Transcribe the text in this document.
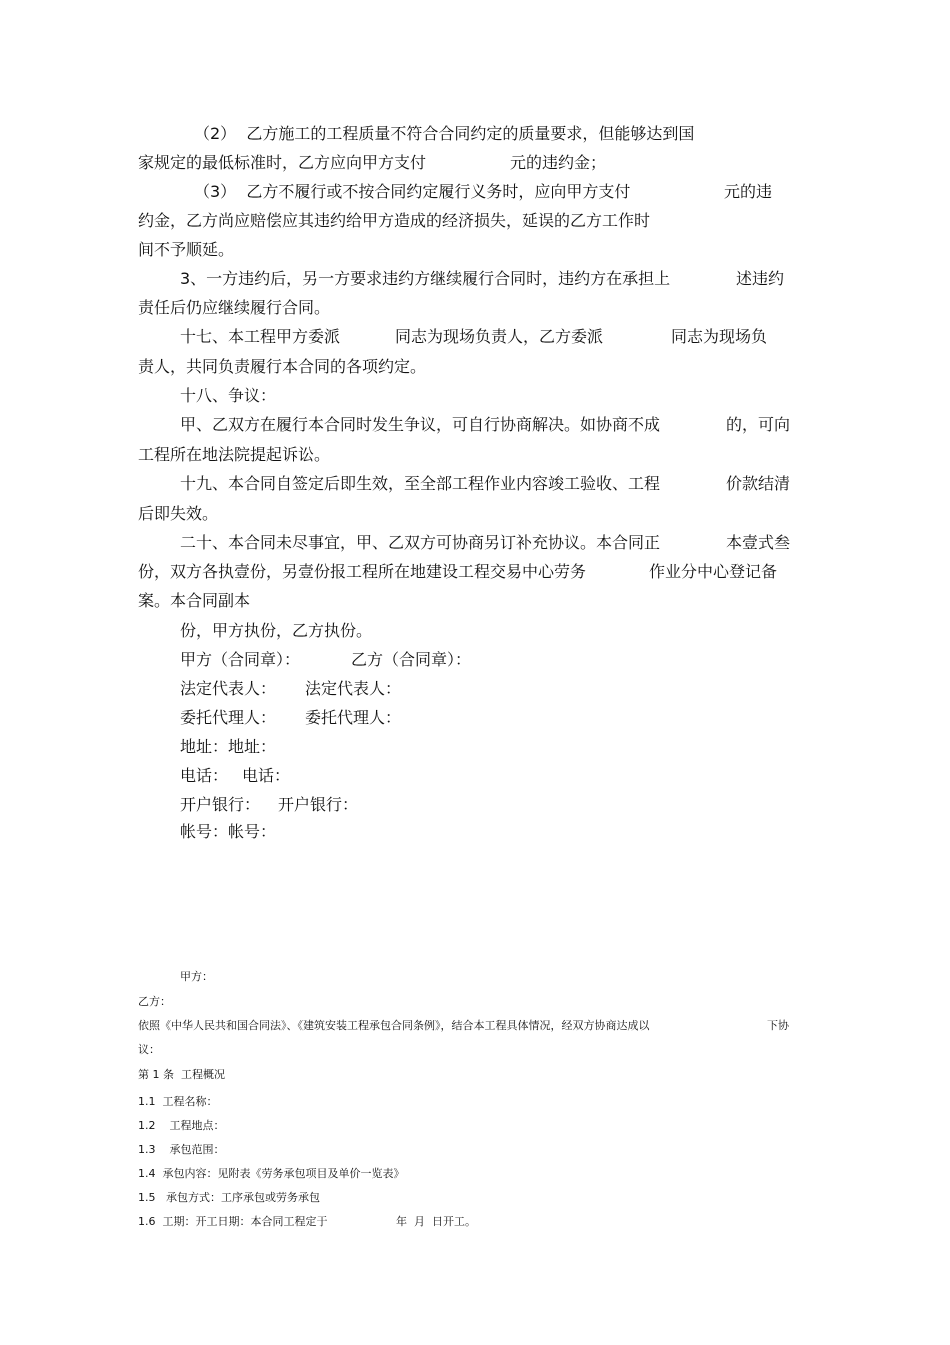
（2）  乙方施工的工程质量不符合合同约定的质量要求，但能够达到国
家规定的最低标准时，乙方应向甲方支付	元的违约金；
（3）  乙方不履行或不按合同约定履行义务时，应向甲方支付	元的违
约金，乙方尚应赔偿应其违约给甲方造成的经济损失，延误的乙方工作时
间不予顺延。
3、一方违约后，另一方要求违约方继续履行合同时，违约方在承担上	述违约
责任后仍应继续履行合同。
十七、本工程甲方委派	同志为现场负责人，乙方委派	同志为现场负
责人，共同负责履行本合同的各项约定。
十八、争议：
甲、乙双方在履行本合同时发生争议，可自行协商解决。如协商不成	的，可向
工程所在地法院提起诉讼。
十九、本合同自签定后即生效，至全部工程作业内容竣工验收、工程	价款结清
后即失效。
二十、本合同未尽事宜，甲、乙双方可协商另订补充协议。本合同正	本壹式叁
份，双方各执壹份，另壹份报工程所在地建设工程交易中心劳务	作业分中心登记备
案。本合同副本
份，甲方执份，乙方执份。
甲方（合同章）：	乙方（合同章）：
法定代表人： 法定代表人：
委托代理人： 委托代理人：
地址：地址：
电话： 电话：
开户银行： 开户银行：
帐号：帐号：
甲方：
乙方：
依照《中华人民共和国合同法》、《建筑安装工程承包合同条例》，结合本工程具体情况，经双方协商达成以	下协
议：
第 1 条  工程概况
1.1  工程名称：
1.2    工程地点：
1.3    承包范围：
1.4  承包内容：见附表《劳务承包项目及单价一览表》
1.5   承包方式：工序承包或劳务承包
1.6  工期：开工日期：本合同工程定于	年  月  日开工。
